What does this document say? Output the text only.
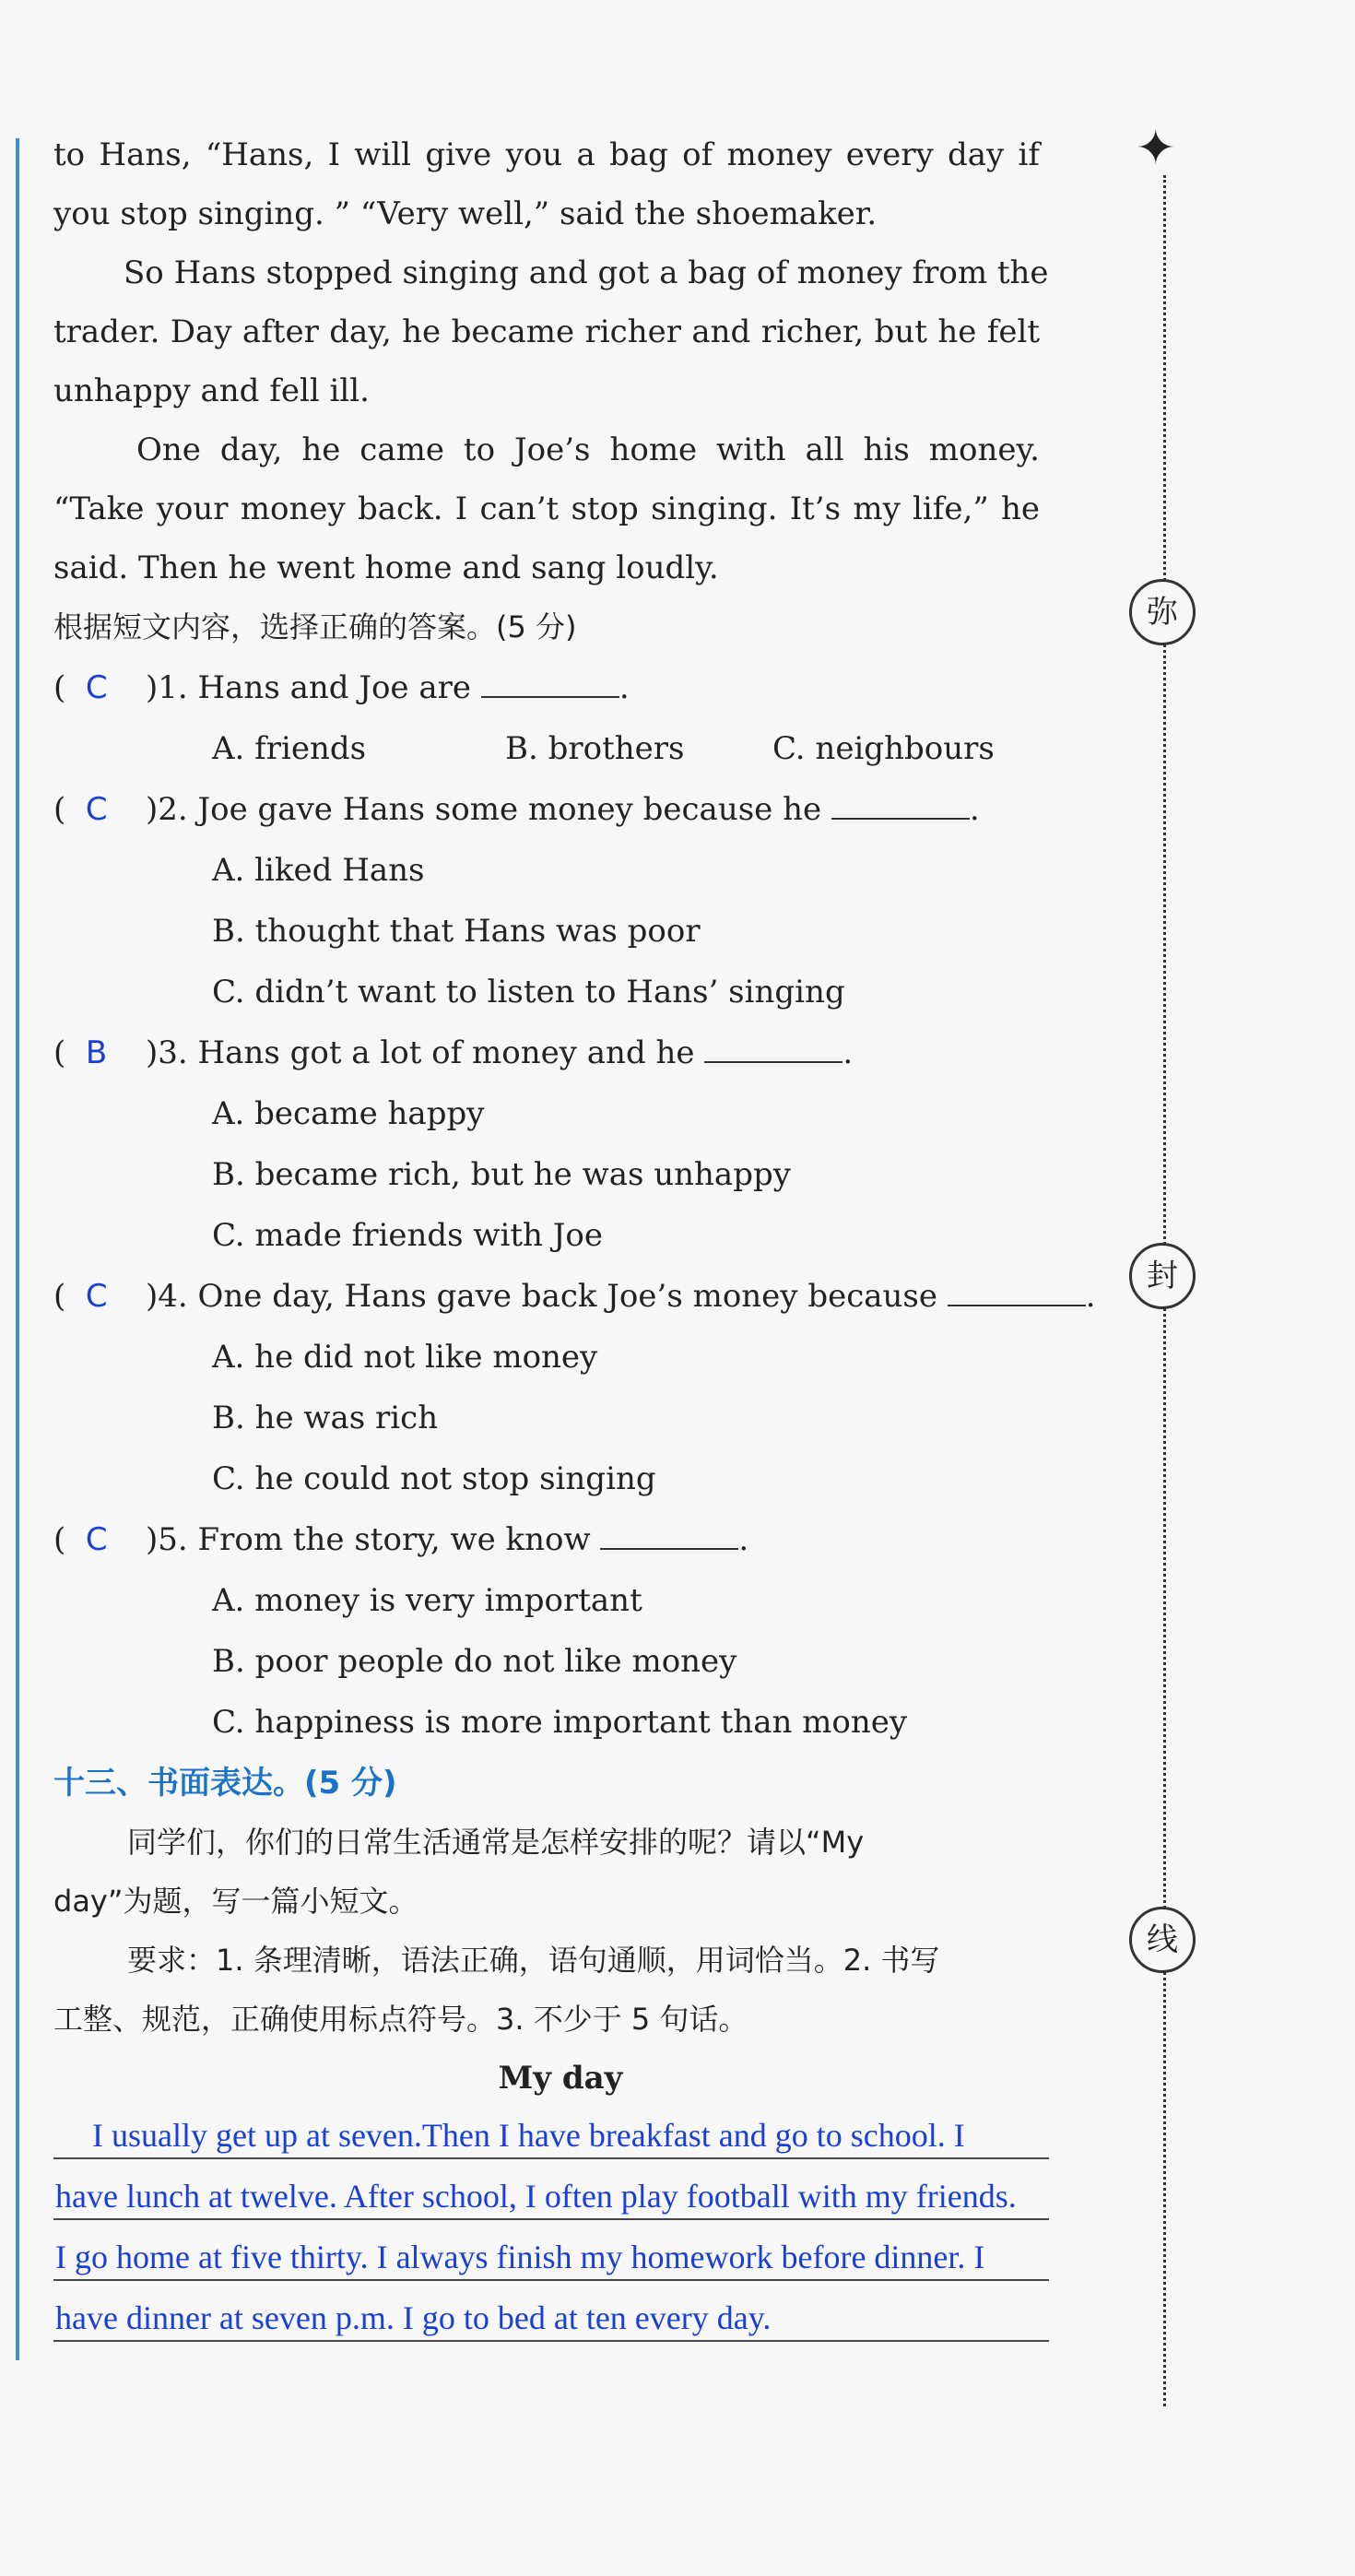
✦
弥
封
线
to Hans, “Hans, I will give you a bag of money every day if
you stop singing. ” “Very well,” said the shoemaker.
So Hans stopped singing and got a bag of money from the
trader. Day after day, he became richer and richer, but he felt
unhappy and fell ill.
One day, he came to Joe’s home with all his money.
“Take your money back. I can’t stop singing. It’s my life,” he
said. Then he went home and sang loudly.
根据短文内容，选择正确的答案。(5 分)
( C )1. Hans and Joe are	.
A. friends	B. brothers	C. neighbours
( C )2. Joe gave Hans some money because he	.
A. liked Hans
B. thought that Hans was poor
C. didn’t want to listen to Hans’ singing
( B )3. Hans got a lot of money and he	.
A. became happy
B. became rich, but he was unhappy
C. made friends with Joe
( C )4. One day, Hans gave back Joe’s money because	.
A. he did not like money
B. he was rich
C. he could not stop singing
( C )5. From the story, we know	.
A. money is very important
B. poor people do not like money
C. happiness is more important than money
十三、书面表达。(5 分)
同学们，你们的日常生活通常是怎样安排的呢？请以“My
day”为题，写一篇小短文。
要求：1. 条理清晰，语法正确，语句通顺，用词恰当。2. 书写
工整、规范，正确使用标点符号。3. 不少于 5 句话。
My day
I usually get up at seven.Then I have breakfast and go to school. I
have lunch at twelve. After school, I often play football with my friends.
I go home at five thirty. I always finish my homework before dinner. I
have dinner at seven p.m. I go to bed at ten every day.
